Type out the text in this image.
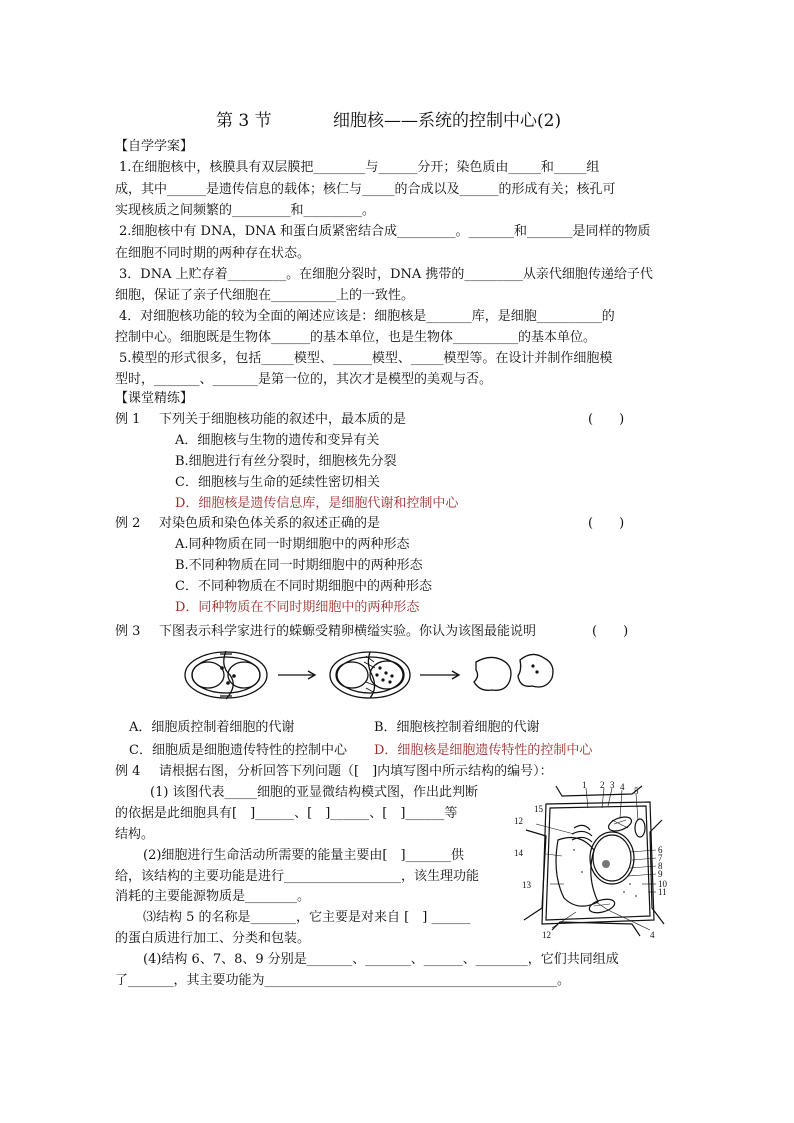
第 3 节	细胞核——系统的控制中心(2)
【自学学案】
1.在细胞核中，核膜具有双层膜把________与______分开；染色质由_____和_____组
成，其中______是遗传信息的载体；核仁与_____的合成以及______的形成有关；核孔可
实现核质之间频繁的_________和_________。
2.细胞核中有 DNA，DNA 和蛋白质紧密结合成_________。_______和_______是同样的物质
在细胞不同时期的两种存在状态。
3．DNA 上贮存着_________。在细胞分裂时，DNA 携带的_________从亲代细胞传递给子代
细胞，保证了亲子代细胞在__________上的一致性。
4．对细胞核功能的较为全面的阐述应该是：细胞核是_______库，是细胞__________的
控制中心。细胞既是生物体______的基本单位，也是生物体__________的基本单位。
5.模型的形式很多，包括_____模型、______模型、_____模型等。在设计并制作细胞模
型时，_______、_______是第一位的，其次才是模型的美观与否。
【课堂精练】
例 1 下列关于细胞核功能的叙述中，最本质的是	(　　)
A．细胞核与生物的遗传和变异有关
B.细胞进行有丝分裂时，细胞核先分裂
C．细胞核与生命的延续性密切相关
D．细胞核是遗传信息库，是细胞代谢和控制中心
例 2 对染色质和染色体关系的叙述正确的是	(　　)
A.同种物质在同一时期细胞中的两种形态
B.不同种物质在同一时期细胞中的两种形态
C．不同种物质在不同时期细胞中的两种形态
D．同种物质在不同时期细胞中的两种形态
例 3 下图表示科学家进行的蝾螈受精卵横缢实验。你认为该图最能说明	(　　)
A．细胞质控制着细胞的代谢	B．细胞核控制着细胞的代谢
C．细胞质是细胞遗传特性的控制中心 D．细胞核是细胞遗传特性的控制中心
例 4 请根据右图，分析回答下列问题（[　]内填写图中所示结构的编号）：
(1) 该图代表_____细胞的亚显微结构模式图，作出此判断
的依据是此细胞具有[　]______、[　]______、[　]______等
结构。
(2)细胞进行生命活动所需要的能量主要由[　]_______供
给，该结构的主要功能是进行__________________，该生理功能
消耗的主要能源物质是________。
⑶结构 5 的名称是_______，它主要是对来自 [　] ______
的蛋白质进行加工、分类和包装。
(4)结构 6、7、8、9 分别是_______、_______、______、________，它们共同组成
了_______，其主要功能为_____________________________________________。
1 2 3 4 5
6
7
8
9
10
11
12
13
14
15
12	4
